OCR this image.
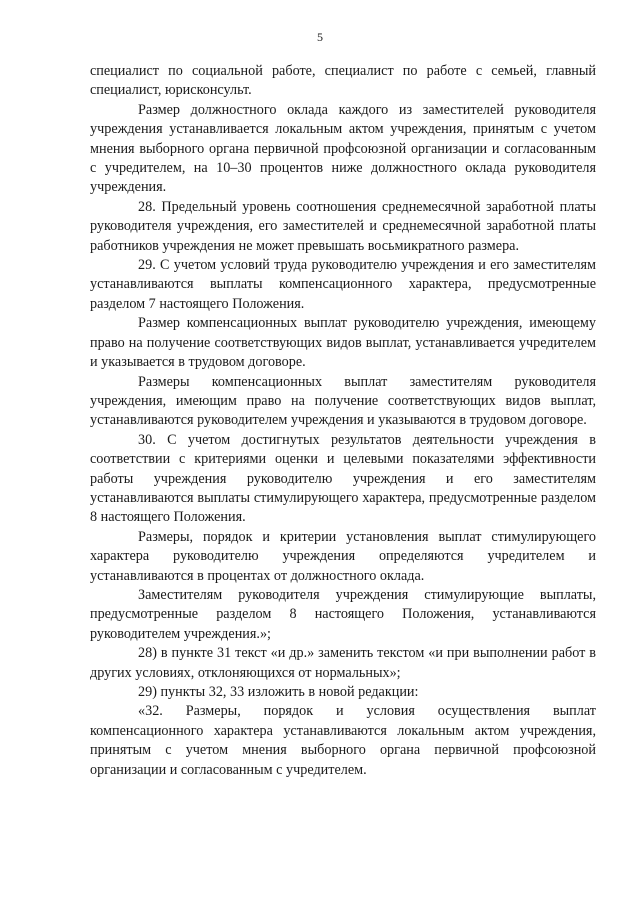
5

специалист по социальной работе, специалист по работе с семьей, главный специалист, юрисконсульт.

Размер должностного оклада каждого из заместителей руководителя учреждения устанавливается локальным актом учреждения, принятым с учетом мнения выборного органа первичной профсоюзной организации и согласованным с учредителем, на 10–30 процентов ниже должностного оклада руководителя учреждения.

28. Предельный уровень соотношения среднемесячной заработной платы руководителя учреждения, его заместителей и среднемесячной заработной платы работников учреждения не может превышать восьмикратного размера.

29. С учетом условий труда руководителю учреждения и его заместителям устанавливаются выплаты компенсационного характера, предусмотренные разделом 7 настоящего Положения.

Размер компенсационных выплат руководителю учреждения, имеющему право на получение соответствующих видов выплат, устанавливается учредителем и указывается в трудовом договоре.

Размеры компенсационных выплат заместителям руководителя учреждения, имеющим право на получение соответствующих видов выплат, устанавливаются руководителем учреждения и указываются в трудовом договоре.

30. С учетом достигнутых результатов деятельности учреждения в соответствии с критериями оценки и целевыми показателями эффективности работы учреждения руководителю учреждения и его заместителям устанавливаются выплаты стимулирующего характера, предусмотренные разделом 8 настоящего Положения.

Размеры, порядок и критерии установления выплат стимулирующего характера руководителю учреждения определяются учредителем и устанавливаются в процентах от должностного оклада.

Заместителям руководителя учреждения стимулирующие выплаты, предусмотренные разделом 8 настоящего Положения, устанавливаются руководителем учреждения.»;

28) в пункте 31 текст «и др.» заменить текстом «и при выполнении работ в других условиях, отклоняющихся от нормальных»;

29) пункты 32, 33 изложить в новой редакции:

«32. Размеры, порядок и условия осуществления выплат компенсационного характера устанавливаются локальным актом учреждения, принятым с учетом мнения выборного органа первичной профсоюзной организации и согласованным с учредителем.
